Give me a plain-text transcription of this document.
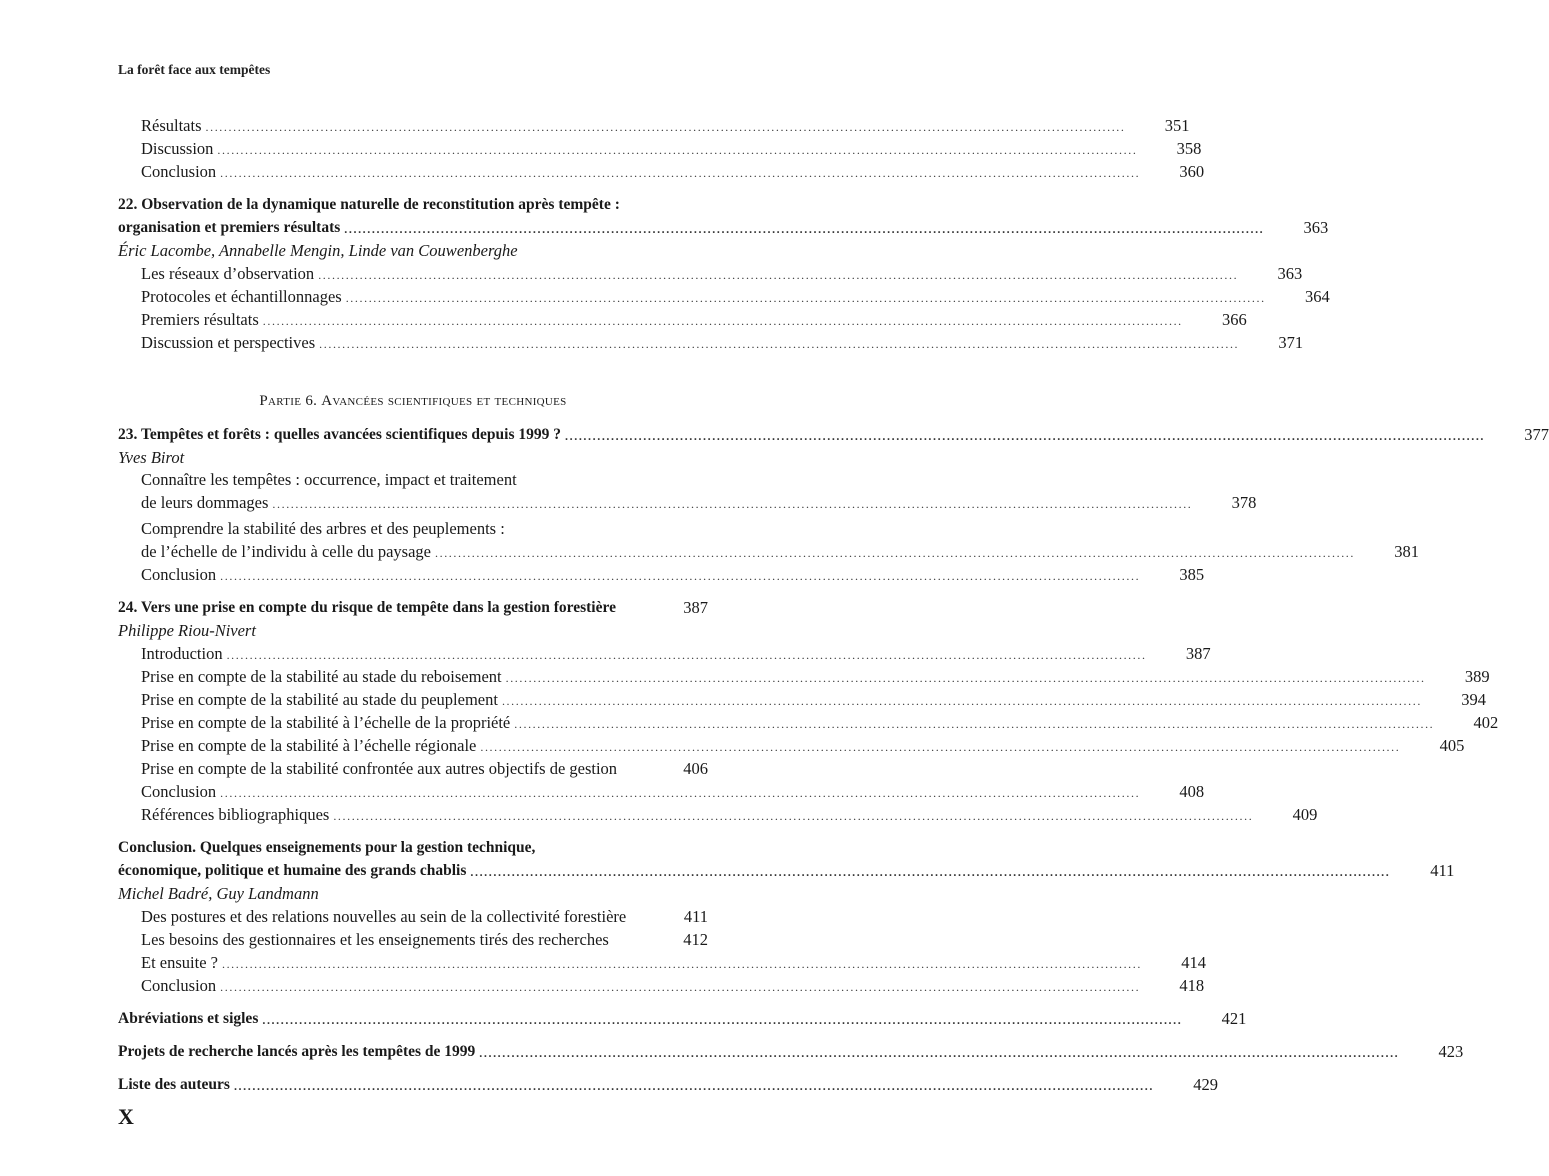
La forêt face aux tempêtes
Résultats ........................................................................................................................................................................................................	351
Discussion ........................................................................................................................................................................................................	358
Conclusion ........................................................................................................................................................................................................	360
22. Observation de la dynamique naturelle de reconstitution après tempête :
organisation et premiers résultats ........................................................................................................................................................................................................	363
Éric Lacombe, Annabelle Mengin, Linde van Couwenberghe
Les réseaux d’observation ........................................................................................................................................................................................................	363
Protocoles et échantillonnages ........................................................................................................................................................................................................	364
Premiers résultats ........................................................................................................................................................................................................	366
Discussion et perspectives ........................................................................................................................................................................................................	371
Partie 6. Avancées scientifiques et techniques
23. Tempêtes et forêts : quelles avancées scientifiques depuis 1999 ? ........................................................................................................................................................................................................	377
Yves Birot
Connaître les tempêtes : occurrence, impact et traitement
de leurs dommages ........................................................................................................................................................................................................	378
Comprendre la stabilité des arbres et des peuplements :
de l’échelle de l’individu à celle du paysage ........................................................................................................................................................................................................	381
Conclusion ........................................................................................................................................................................................................	385
24. Vers une prise en compte du risque de tempête dans la gestion forestière	387
Philippe Riou-Nivert
Introduction ........................................................................................................................................................................................................	387
Prise en compte de la stabilité au stade du reboisement ........................................................................................................................................................................................................	389
Prise en compte de la stabilité au stade du peuplement ........................................................................................................................................................................................................	394
Prise en compte de la stabilité à l’échelle de la propriété ........................................................................................................................................................................................................	402
Prise en compte de la stabilité à l’échelle régionale ........................................................................................................................................................................................................	405
Prise en compte de la stabilité confrontée aux autres objectifs de gestion	406
Conclusion ........................................................................................................................................................................................................	408
Références bibliographiques ........................................................................................................................................................................................................	409
Conclusion. Quelques enseignements pour la gestion technique,
économique, politique et humaine des grands chablis ........................................................................................................................................................................................................	411
Michel Badré, Guy Landmann
Des postures et des relations nouvelles au sein de la collectivité forestière	411
Les besoins des gestionnaires et les enseignements tirés des recherches	412
Et ensuite ? ........................................................................................................................................................................................................	414
Conclusion ........................................................................................................................................................................................................	418
Abréviations et sigles ........................................................................................................................................................................................................	421
Projets de recherche lancés après les tempêtes de 1999 ........................................................................................................................................................................................................	423
Liste des auteurs ........................................................................................................................................................................................................	429
X
